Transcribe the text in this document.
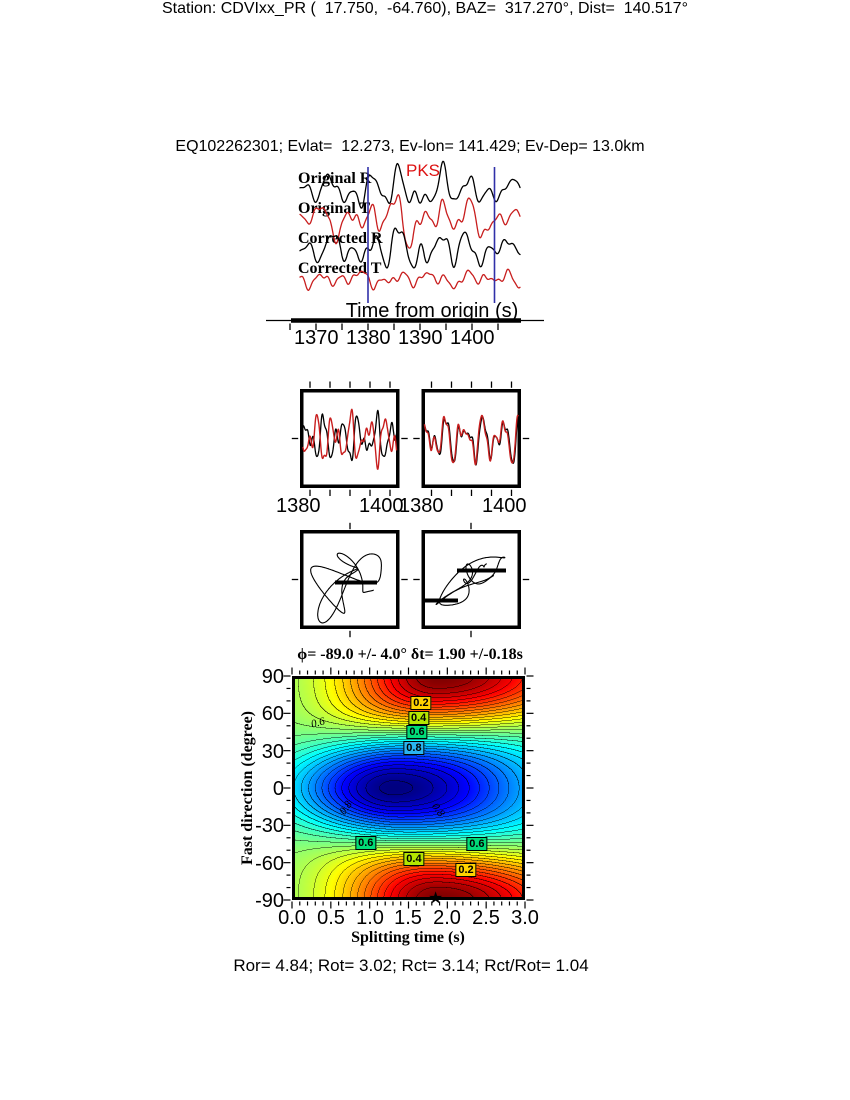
Station: CDVIxx_PR (  17.750,  -64.760), BAZ=  317.270°, Dist=  140.517°
EQ102262301; Evlat=  12.273, Ev-lon= 141.429; Ev-Dep= 13.0km
Original R
Original T
Corrected R
Corrected T
PKS
Time from origin (s)
1370 1380 1390 1400
1380 1400
1380 1400
ϕ= -89.0 +/- 4.0° δt= 1.90 +/-0.18s
Fast direction (degree)
Splitting time (s)
90
60
30
0
-30
-60
-90
0.0 0.5 1.0 1.5 2.0 2.5 3.0
Ror= 4.84; Rot= 3.02; Rct= 3.14; Rct/Rot= 1.04
★
0.2
0.4
0.6
0.8
0.6
0.8	0.8
0.6	0.6
0.4
0.2
